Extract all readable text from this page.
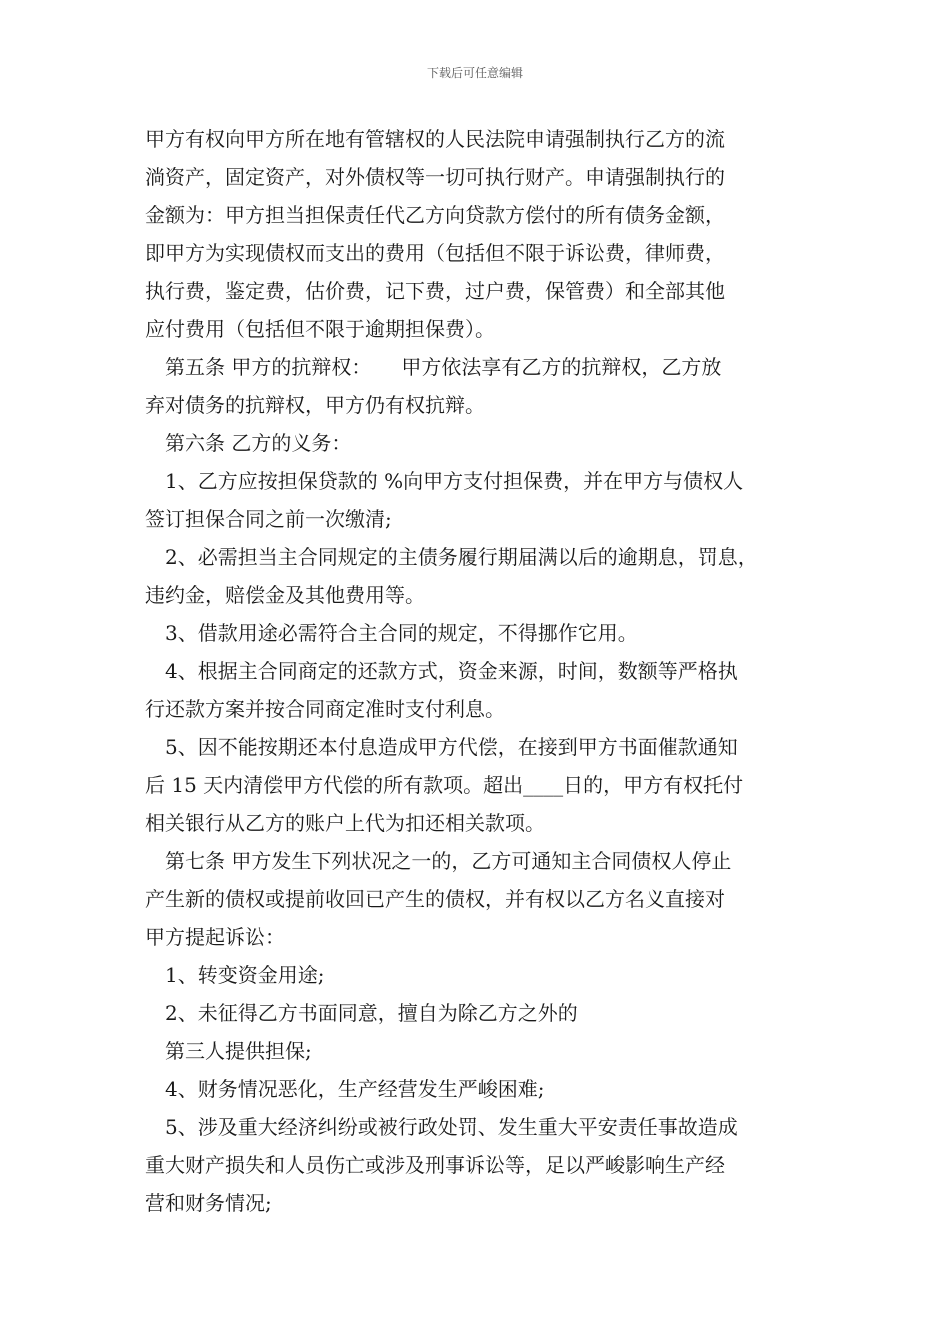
下载后可任意编辑
甲方有权向甲方所在地有管辖权的人民法院申请强制执行乙方的流
淌资产，固定资产，对外债权等一切可执行财产。申请强制执行的
金额为：甲方担当担保责任代乙方向贷款方偿付的所有债务金额，
即甲方为实现债权而支出的费用（包括但不限于诉讼费，律师费，
执行费，鉴定费，估价费，记下费，过户费，保管费）和全部其他
应付费用（包括但不限于逾期担保费）。
第五条 甲方的抗辩权：　　甲方依法享有乙方的抗辩权，乙方放
弃对债务的抗辩权，甲方仍有权抗辩。
第六条 乙方的义务：
1、乙方应按担保贷款的 %向甲方支付担保费，并在甲方与债权人
签订担保合同之前一次缴清;
2、必需担当主合同规定的主债务履行期届满以后的逾期息，罚息，
违约金，赔偿金及其他费用等。
3、借款用途必需符合主合同的规定，不得挪作它用。
4、根据主合同商定的还款方式，资金来源，时间，数额等严格执
行还款方案并按合同商定准时支付利息。
5、因不能按期还本付息造成甲方代偿，在接到甲方书面催款通知
后 15 天内清偿甲方代偿的所有款项。超出____日的，甲方有权托付
相关银行从乙方的账户上代为扣还相关款项。
第七条 甲方发生下列状况之一的，乙方可通知主合同债权人停止
产生新的债权或提前收回已产生的债权，并有权以乙方名义直接对
甲方提起诉讼：
1、转变资金用途;
2、未征得乙方书面同意，擅自为除乙方之外的
第三人提供担保;
4、财务情况恶化，生产经营发生严峻困难;
5、涉及重大经济纠纷或被行政处罚、发生重大平安责任事故造成
重大财产损失和人员伤亡或涉及刑事诉讼等，足以严峻影响生产经
营和财务情况;
